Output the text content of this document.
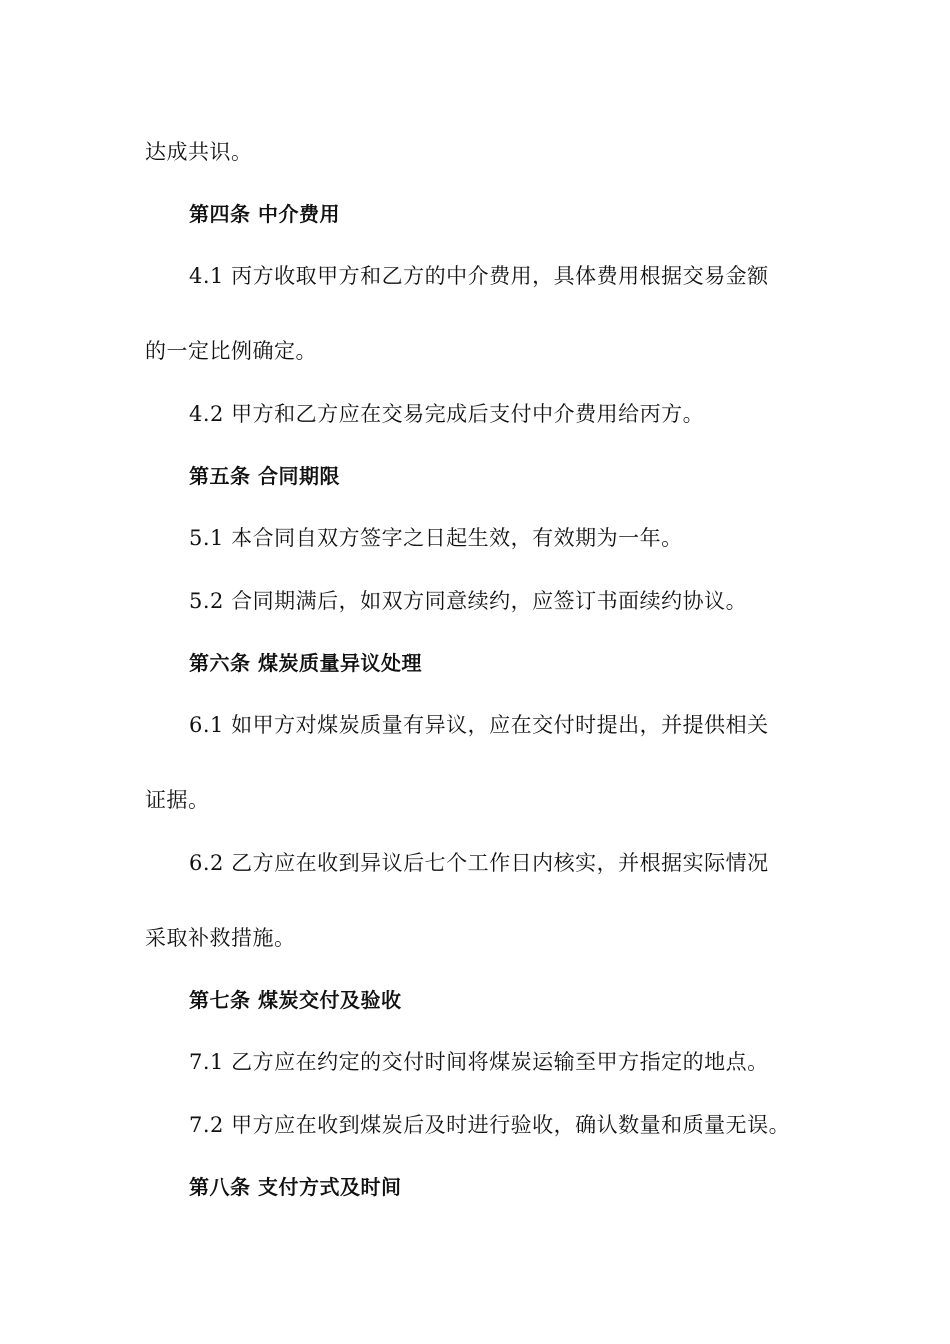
达成共识。
第四条 中介费用
4.1 丙方收取甲方和乙方的中介费用，具体费用根据交易金额
的一定比例确定。
4.2 甲方和乙方应在交易完成后支付中介费用给丙方。
第五条 合同期限
5.1 本合同自双方签字之日起生效，有效期为一年。
5.2 合同期满后，如双方同意续约，应签订书面续约协议。
第六条 煤炭质量异议处理
6.1 如甲方对煤炭质量有异议，应在交付时提出，并提供相关
证据。
6.2 乙方应在收到异议后七个工作日内核实，并根据实际情况
采取补救措施。
第七条 煤炭交付及验收
7.1 乙方应在约定的交付时间将煤炭运输至甲方指定的地点。
7.2 甲方应在收到煤炭后及时进行验收，确认数量和质量无误。
第八条 支付方式及时间
